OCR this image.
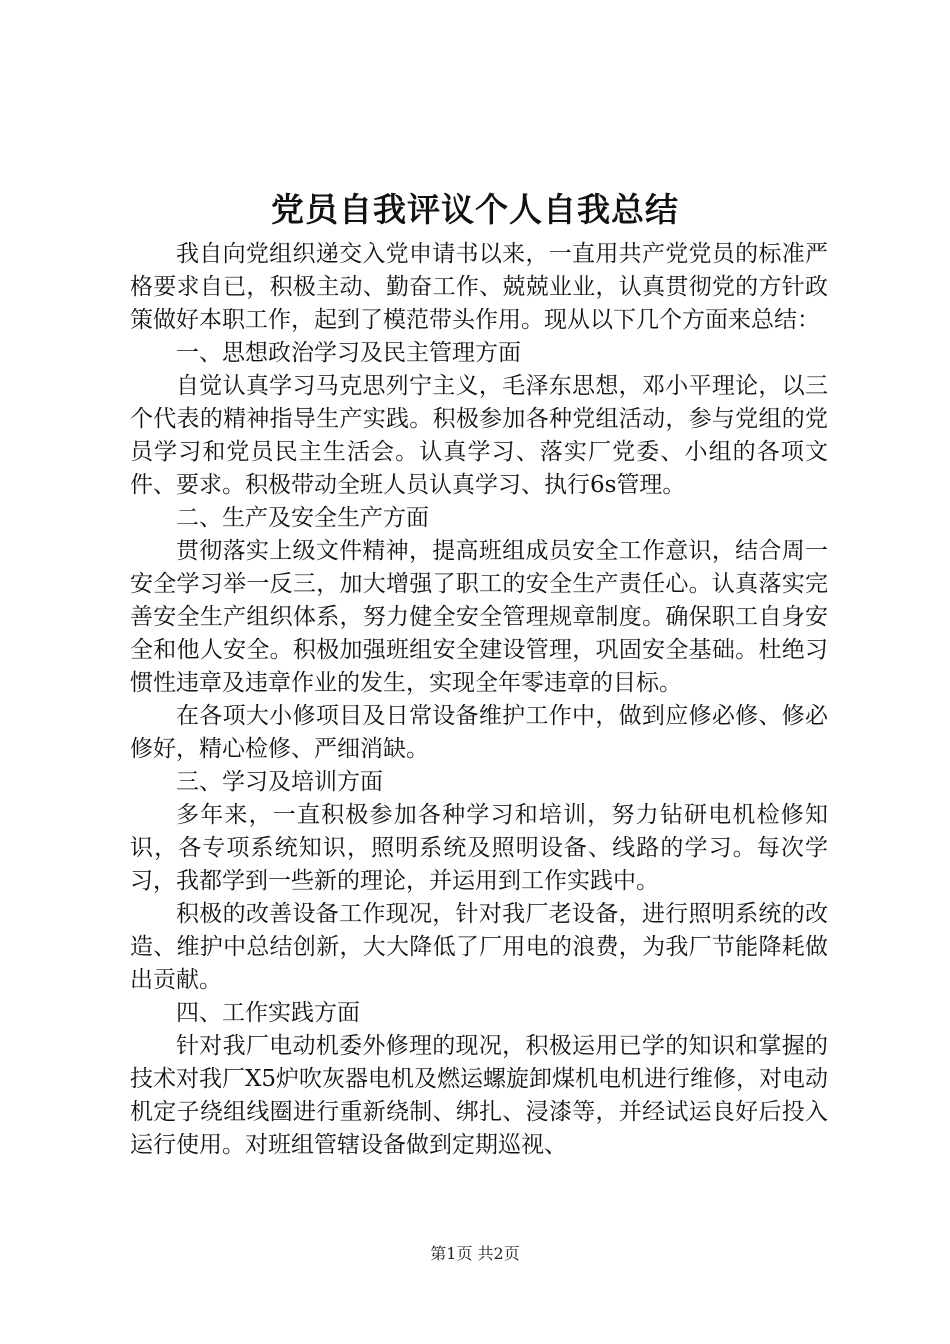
党员自我评议个人自我总结

我自向党组织递交入党申请书以来，一直用共产党党员的标准严格要求自已，积极主动、勤奋工作、兢兢业业，认真贯彻党的方针政策做好本职工作，起到了模范带头作用。现从以下几个方面来总结：

一、思想政治学习及民主管理方面

自觉认真学习马克思列宁主义，毛泽东思想，邓小平理论，以三个代表的精神指导生产实践。积极参加各种党组活动，参与党组的党员学习和党员民主生活会。认真学习、落实厂党委、小组的各项文件、要求。积极带动全班人员认真学习、执行6s管理。

二、生产及安全生产方面

贯彻落实上级文件精神，提高班组成员安全工作意识，结合周一安全学习举一反三，加大增强了职工的安全生产责任心。认真落实完善安全生产组织体系，努力健全安全管理规章制度。确保职工自身安全和他人安全。积极加强班组安全建设管理，巩固安全基础。杜绝习惯性违章及违章作业的发生，实现全年零违章的目标。

在各项大小修项目及日常设备维护工作中，做到应修必修、修必修好，精心检修、严细消缺。

三、学习及培训方面

多年来，一直积极参加各种学习和培训，努力钻研电机检修知识，各专项系统知识，照明系统及照明设备、线路的学习。每次学习，我都学到一些新的理论，并运用到工作实践中。

积极的改善设备工作现况，针对我厂老设备，进行照明系统的改造、维护中总结创新，大大降低了厂用电的浪费，为我厂节能降耗做出贡献。

四、工作实践方面

针对我厂电动机委外修理的现况，积极运用已学的知识和掌握的技术对我厂X5炉吹灰器电机及燃运螺旋卸煤机电机进行维修，对电动机定子绕组线圈进行重新绕制、绑扎、浸漆等，并经试运良好后投入运行使用。对班组管辖设备做到定期巡视、

第1页 共2页
